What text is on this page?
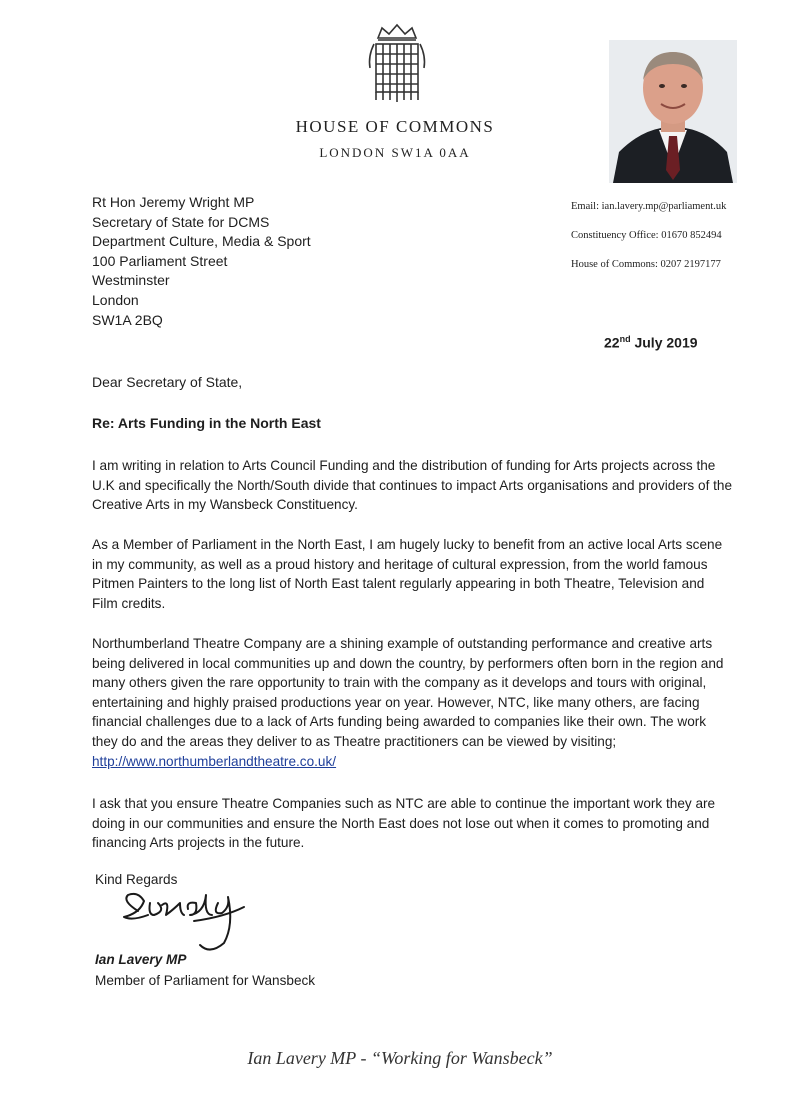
HOUSE OF COMMONS
LONDON SW1A 0AA
Email: ian.lavery.mp@parliament.uk
Constituency Office: 01670 852494
House of Commons: 0207 2197177
Rt Hon Jeremy Wright MP
Secretary of State for DCMS
Department Culture, Media & Sport
100 Parliament Street
Westminster
London
SW1A 2BQ
22nd July 2019
Dear Secretary of State,
Re: Arts Funding in the North East

I am writing in relation to Arts Council Funding and the distribution of funding for Arts projects across the U.K and specifically the North/South divide that continues to impact Arts organisations and providers of the Creative Arts in my Wansbeck Constituency.

As a Member of Parliament in the North East, I am hugely lucky to benefit from an active local Arts scene in my community, as well as a proud history and heritage of cultural expression, from the world famous Pitmen Painters to the long list of North East talent regularly appearing in both Theatre, Television and Film credits.

Northumberland Theatre Company are a shining example of outstanding performance and creative arts being delivered in local communities up and down the country, by performers often born in the region and many others given the rare opportunity to train with the company as it develops and tours with original, entertaining and highly praised productions year on year. However, NTC, like many others, are facing financial challenges due to a lack of Arts funding being awarded to companies like their own. The work they do and the areas they deliver to as Theatre practitioners can be viewed by visiting; http://www.northumberlandtheatre.co.uk/

I ask that you ensure Theatre Companies such as NTC are able to continue the important work they are doing in our communities and ensure the North East does not lose out when it comes to promoting and financing Arts projects in the future.

Kind Regards
Ian Lavery MP
Member of Parliament for Wansbeck
Ian Lavery MP - “Working for Wansbeck”
